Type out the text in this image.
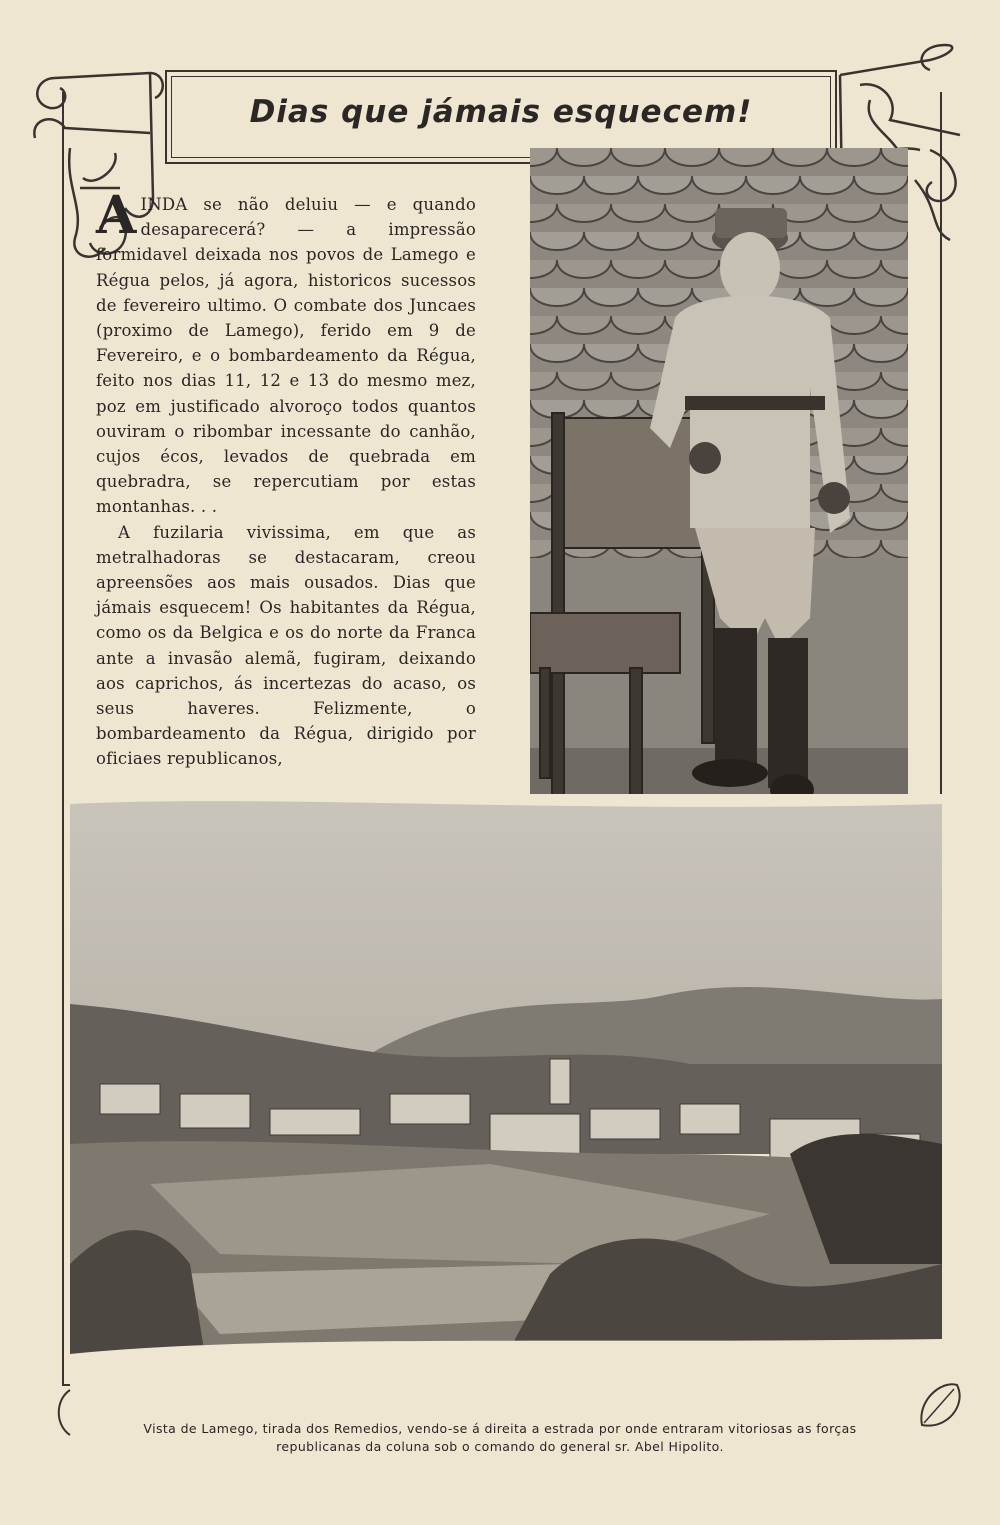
Dias que jámais esquecem!

AINDA se não deluiu — e quando desaparecerá? — a impressão formidavel deixada nos povos de Lamego e Régua pelos, já agora, historicos sucessos de fevereiro ultimo. O combate dos Juncaes (proximo de Lamego), ferido em 9 de Fevereiro, e o bombardeamento da Régua, feito nos dias 11, 12 e 13 do mesmo mez, poz em justificado alvoroço todos quantos ouviram o ribombar incessante do canhão, cujos écos, levados de quebrada em quebradra, se repercutiam por estas montanhas. . .

A fuzilaria vivissima, em que as metralhadoras se destacaram, creou apreensões aos mais ousados. Dias que jámais esquecem! Os habitantes da Régua, como os da Belgica e os do norte da Franca ante a invasão alemã, fugiram, deixando aos caprichos, ás incertezas do acaso, os seus haveres. Felizmente, o bombardeamento da Régua, dirigido por oficiaes republicanos,

Vista de Lamego, tirada dos Remedios, vendo-se á direita a estrada por onde entraram vitoriosas as forças republicanas da coluna sob o comando do general sr. Abel Hipolito.
